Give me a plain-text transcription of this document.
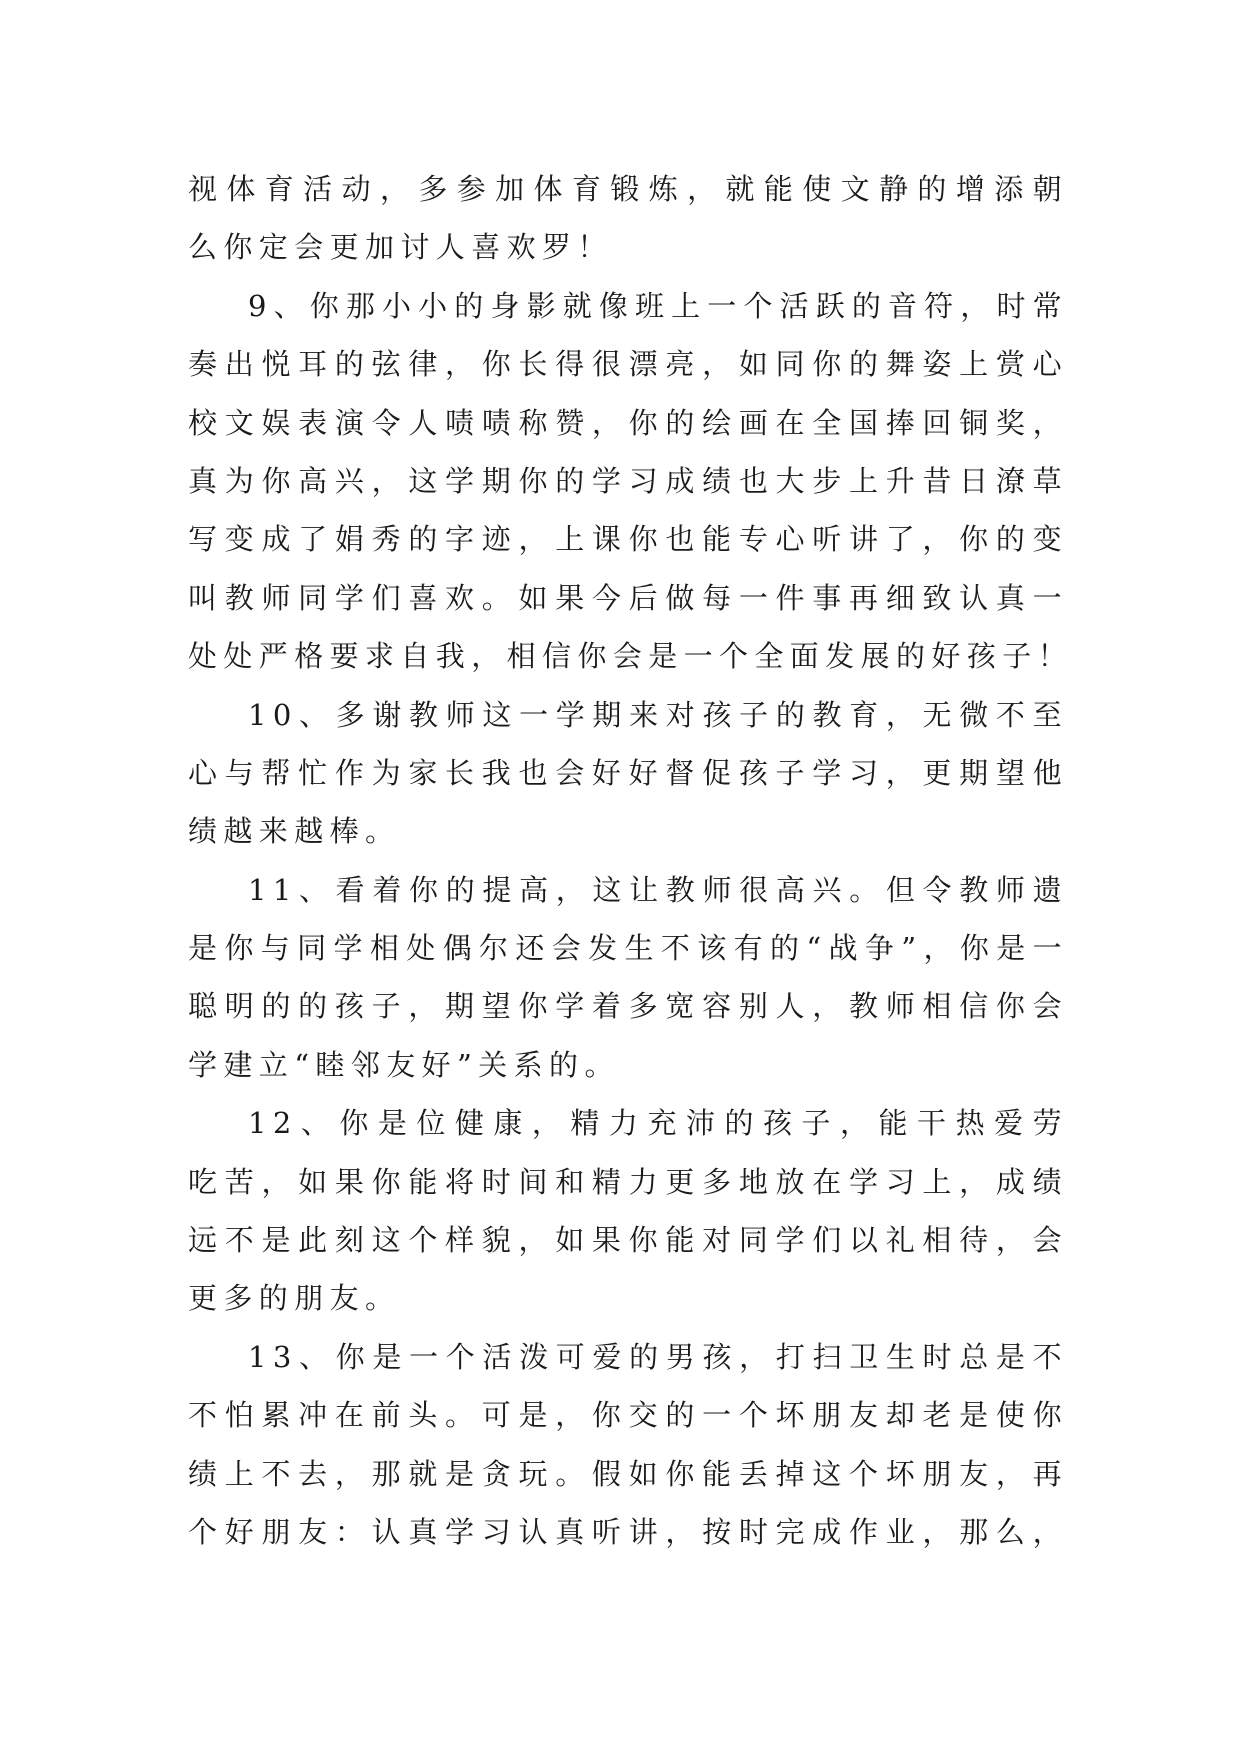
视体育活动，多参加体育锻炼，就能使文静的增添朝
么你定会更加讨人喜欢罗！
9、你那小小的身影就像班上一个活跃的音符，时常
奏出悦耳的弦律，你长得很漂亮，如同你的舞姿上赏心
校文娱表演令人啧啧称赞，你的绘画在全国捧回铜奖，
真为你高兴，这学期你的学习成绩也大步上升昔日潦草
写变成了娟秀的字迹，上课你也能专心听讲了，你的变
叫教师同学们喜欢。如果今后做每一件事再细致认真一
处处严格要求自我，相信你会是一个全面发展的好孩子！
10、多谢教师这一学期来对孩子的教育，无微不至
心与帮忙作为家长我也会好好督促孩子学习，更期望他
绩越来越棒。
11、看着你的提高，这让教师很高兴。但令教师遗
是你与同学相处偶尔还会发生不该有的“战争”，你是一
聪明的的孩子，期望你学着多宽容别人，教师相信你会
学建立“睦邻友好”关系的。
12、你是位健康，精力充沛的孩子，能干热爱劳
吃苦，如果你能将时间和精力更多地放在学习上，成绩
远不是此刻这个样貌，如果你能对同学们以礼相待，会
更多的朋友。
13、你是一个活泼可爱的男孩，打扫卫生时总是不
不怕累冲在前头。可是，你交的一个坏朋友却老是使你
绩上不去，那就是贪玩。假如你能丢掉这个坏朋友，再
个好朋友：认真学习认真听讲，按时完成作业，那么，
